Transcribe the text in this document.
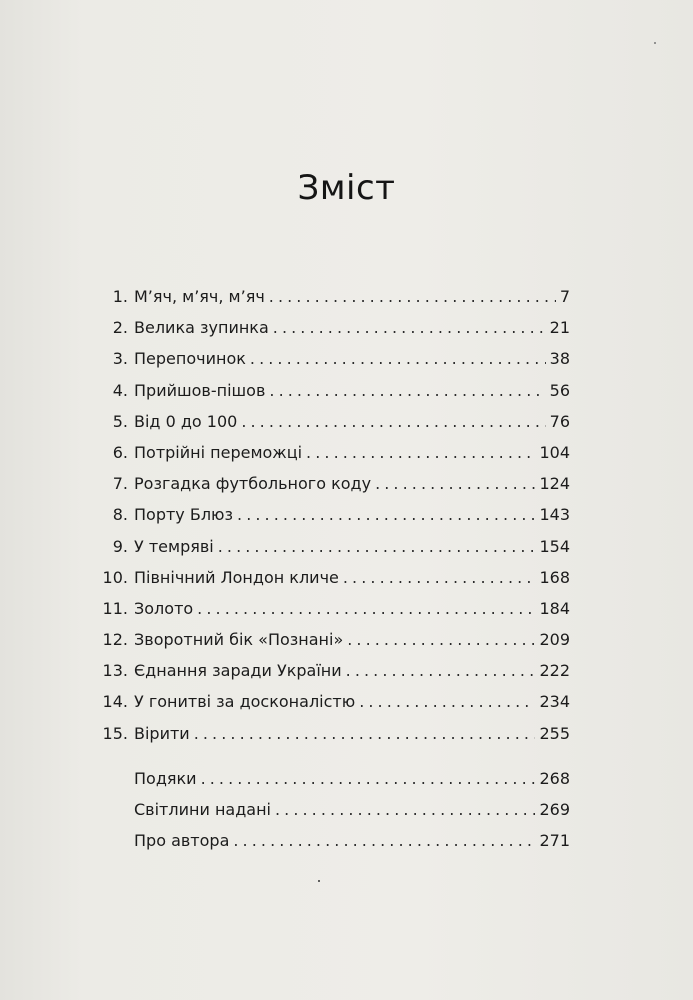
Зміст
1. М’яч, м’яч, м’яч . . .	7
2. Велика зупинка . . .	21
3. Перепочинок . . .	38
4. Прийшов-пішов . . .	56
5. Від 0 до 100 . . .	76
6. Потрійні переможці . . .	104
7. Розгадка футбольного коду . . .	124
8. Порту Блюз . . .	143
9. У темряві . . .	154
10. Північний Лондон кличе . . .	168
11. Золото . . .	184
12. Зворотний бік «Познані» . . .	209
13. Єднання заради України . . .	222
14. У гонитві за досконалістю . . .	234
15. Вірити . . .	255
Подяки . . .	268
Світлини надані . . .	269
Про автора . . .	271
